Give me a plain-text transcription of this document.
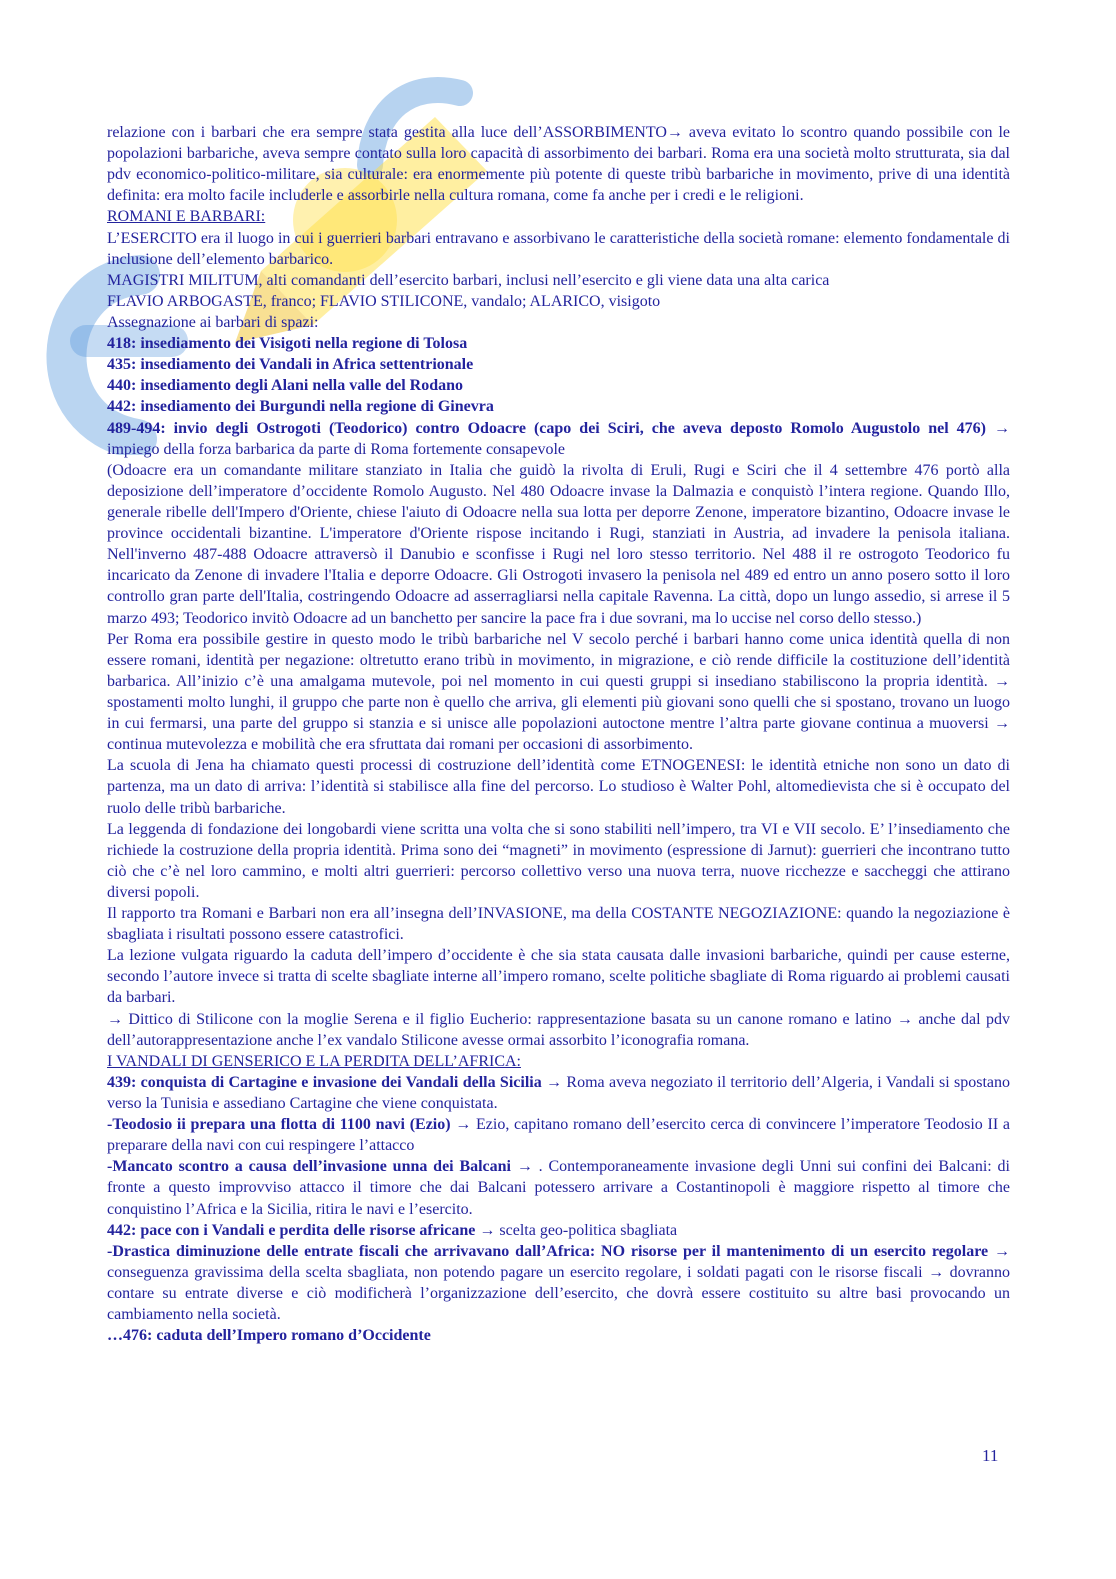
relazione con i barbari che era sempre stata gestita alla luce dell’ASSORBIMENTO→ aveva evitato lo scontro quando possibile con le popolazioni barbariche, aveva sempre contato sulla loro capacità di assorbimento dei barbari. Roma era una società molto strutturata, sia dal pdv economico-politico-militare, sia culturale: era enormemente più potente di queste tribù barbariche in movimento, prive di una identità definita: era molto facile includerle e assorbirle nella cultura romana, come fa anche per i credi e le religioni.

ROMANI E BARBARI:

L’ESERCITO era il luogo in cui i guerrieri barbari entravano e assorbivano le caratteristiche della società romane: elemento fondamentale di inclusione dell’elemento barbarico.

MAGISTRI MILITUM, alti comandanti dell’esercito barbari, inclusi nell’esercito e gli viene data una alta carica

FLAVIO ARBOGASTE, franco; FLAVIO STILICONE, vandalo; ALARICO, visigoto

Assegnazione ai barbari di spazi:

418: insediamento dei Visigoti nella regione di Tolosa

435: insediamento dei Vandali in Africa settentrionale

440: insediamento degli Alani nella valle del Rodano

442: insediamento dei Burgundi nella regione di Ginevra

489-494: invio degli Ostrogoti (Teodorico) contro Odoacre (capo dei Sciri, che aveva deposto Romolo Augustolo nel 476) →

impiego della forza barbarica da parte di Roma fortemente consapevole

(Odoacre era un comandante militare stanziato in Italia che guidò la rivolta di Eruli, Rugi e Sciri che il 4 settembre 476 portò alla deposizione dell’imperatore d’occidente Romolo Augusto. Nel 480 Odoacre invase la Dalmazia e conquistò l’intera regione. Quando Illo, generale ribelle dell'Impero d'Oriente, chiese l'aiuto di Odoacre nella sua lotta per deporre Zenone, imperatore bizantino, Odoacre invase le province occidentali bizantine. L'imperatore d'Oriente rispose incitando i Rugi, stanziati in Austria, ad invadere la penisola italiana. Nell'inverno 487-488 Odoacre attraversò il Danubio e sconfisse i Rugi nel loro stesso territorio. Nel 488 il re ostrogoto Teodorico fu incaricato da Zenone di invadere l'Italia e deporre Odoacre. Gli Ostrogoti invasero la penisola nel 489 ed entro un anno posero sotto il loro controllo gran parte dell'Italia, costringendo Odoacre ad asserragliarsi nella capitale Ravenna. La città, dopo un lungo assedio, si arrese il 5 marzo 493; Teodorico invitò Odoacre ad un banchetto per sancire la pace fra i due sovrani, ma lo uccise nel corso dello stesso.)

Per Roma era possibile gestire in questo modo le tribù barbariche nel V secolo perché i barbari hanno come unica identità quella di non essere romani, identità per negazione: oltretutto erano tribù in movimento, in migrazione, e ciò rende difficile la costituzione dell’identità barbarica. All’inizio c’è una amalgama mutevole, poi nel momento in cui questi gruppi si insediano stabiliscono la propria identità. → spostamenti molto lunghi, il gruppo che parte non è quello che arriva, gli elementi più giovani sono quelli che si spostano, trovano un luogo in cui fermarsi, una parte del gruppo si stanzia e si unisce alle popolazioni autoctone mentre l’altra parte giovane continua a muoversi → continua mutevolezza e mobilità che era sfruttata dai romani per occasioni di assorbimento.

La scuola di Jena ha chiamato questi processi di costruzione dell’identità come ETNOGENESI: le identità etniche non sono un dato di partenza, ma un dato di arriva: l’identità si stabilisce alla fine del percorso. Lo studioso è Walter Pohl, altomedievista che si è occupato del ruolo delle tribù barbariche.

La leggenda di fondazione dei longobardi viene scritta una volta che si sono stabiliti nell’impero, tra VI e VII secolo. E’ l’insediamento che richiede la costruzione della propria identità. Prima sono dei “magneti” in movimento (espressione di Jarnut): guerrieri che incontrano tutto ciò che c’è nel loro cammino, e molti altri guerrieri: percorso collettivo verso una nuova terra, nuove ricchezze e saccheggi che attirano diversi popoli.

Il rapporto tra Romani e Barbari non era all’insegna dell’INVASIONE, ma della COSTANTE NEGOZIAZIONE: quando la negoziazione è sbagliata i risultati possono essere catastrofici.

La lezione vulgata riguardo la caduta dell’impero d’occidente è che sia stata causata dalle invasioni barbariche, quindi per cause esterne, secondo l’autore invece si tratta di scelte sbagliate interne all’impero romano, scelte politiche sbagliate di Roma riguardo ai problemi causati da barbari.

→ Dittico di Stilicone con la moglie Serena e il figlio Eucherio: rappresentazione basata su un canone romano e latino → anche dal pdv dell’autorappresentazione anche l’ex vandalo Stilicone avesse ormai assorbito l’iconografia romana.

I VANDALI DI GENSERICO E LA PERDITA DELL’AFRICA:

439: conquista di Cartagine e invasione dei Vandali della Sicilia → Roma aveva negoziato il territorio dell’Algeria, i Vandali si spostano verso la Tunisia e assediano Cartagine che viene conquistata.

-Teodosio ii prepara una flotta di 1100 navi (Ezio) → Ezio, capitano romano dell’esercito cerca di convincere l’imperatore Teodosio II a preparare della navi con cui respingere l’attacco

-Mancato scontro a causa dell’invasione unna dei Balcani → . Contemporaneamente invasione degli Unni sui confini dei Balcani: di fronte a questo improvviso attacco il timore che dai Balcani potessero arrivare a Costantinopoli è maggiore rispetto al timore che conquistino l’Africa e la Sicilia, ritira le navi e l’esercito.

442: pace con i Vandali e perdita delle risorse africane → scelta geo-politica sbagliata

-Drastica diminuzione delle entrate fiscali che arrivavano dall’Africa: NO risorse per il mantenimento di un esercito regolare → conseguenza gravissima della scelta sbagliata, non potendo pagare un esercito regolare, i soldati pagati con le risorse fiscali → dovranno contare su entrate diverse e ciò modificherà l’organizzazione dell’esercito, che dovrà essere costituito su altre basi provocando un cambiamento nella società.

…476: caduta dell’Impero romano d’Occidente

11
